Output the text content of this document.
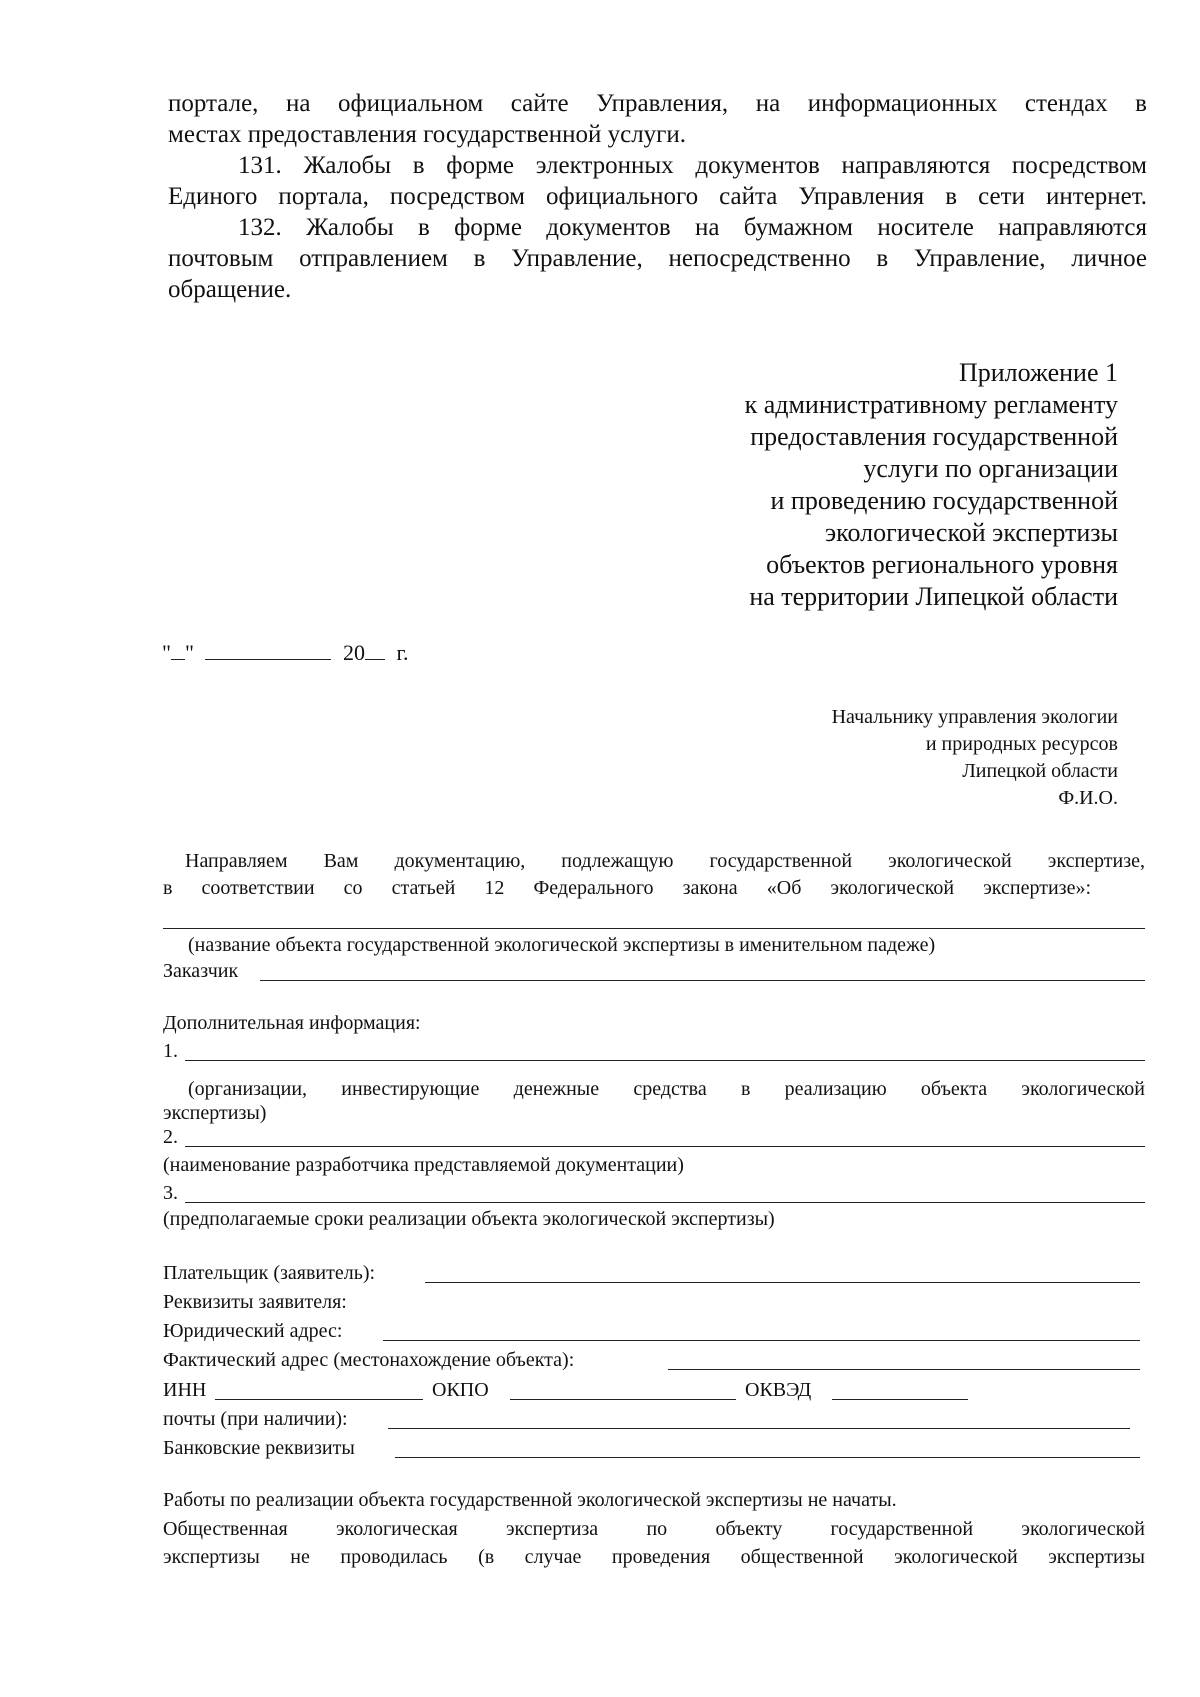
порталe, на официальном сайте Управления, на информационных стендах в
местах предоставления государственной услуги.
131. Жалобы в форме электронных документов направляются посредством
Единого портала, посредством официального сайта Управления в сети интернет.
132. Жалобы в форме документов на бумажном носителе направляются
почтовым отправлением в Управление, непосредственно в Управление, личное
обращение.
Приложение 1
к административному регламенту
предоставления государственной
услуги по организации
и проведению государственной
экологической экспертизы
объектов регионального уровня
на территории Липецкой области
" "	20 г.
Начальнику управления экологии
и природных ресурсов
Липецкой области
Ф.И.О.
Направляем Вам документацию, подлежащую государственной экологической экспертизе,
в соответствии со статьей 12 Федерального закона «Об экологической экспертизе»:
(название объекта государственной экологической экспертизы в именительном падеже)
Заказчик
Дополнительная информация:
1.
(организации, инвестирующие денежные средства в реализацию объекта экологической
экспертизы)
2.
(наименование разработчика представляемой документации)
3.
(предполагаемые сроки реализации объекта экологической экспертизы)
Плательщик (заявитель):
Реквизиты заявителя:
Юридический адрес:
Фактический адрес (местонахождение объекта):
ИНН	ОКПО	ОКВЭД
почты (при наличии):
Банковские реквизиты
Работы по реализации объекта государственной экологической экспертизы не начаты.
Общественная экологическая экспертиза по объекту государственной экологической
экспертизы не проводилась (в случае проведения общественной экологической экспертизы
